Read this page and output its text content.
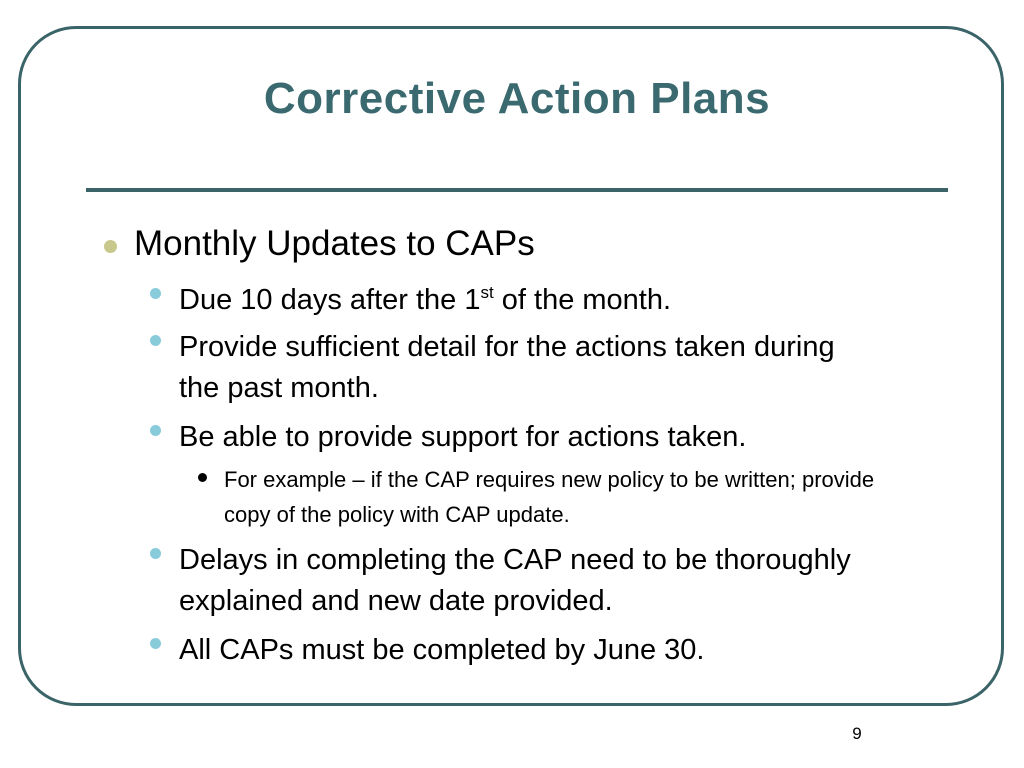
Corrective Action Plans
Monthly Updates to CAPs
Due 10 days after the 1st of the month.
Provide sufficient detail for the actions taken during the past month.
Be able to provide support for actions taken.
For example – if the CAP requires new policy to be written; provide copy of the policy with CAP update.
Delays in completing the CAP need to be thoroughly explained and new date provided.
All CAPs must be completed by June 30.
9
